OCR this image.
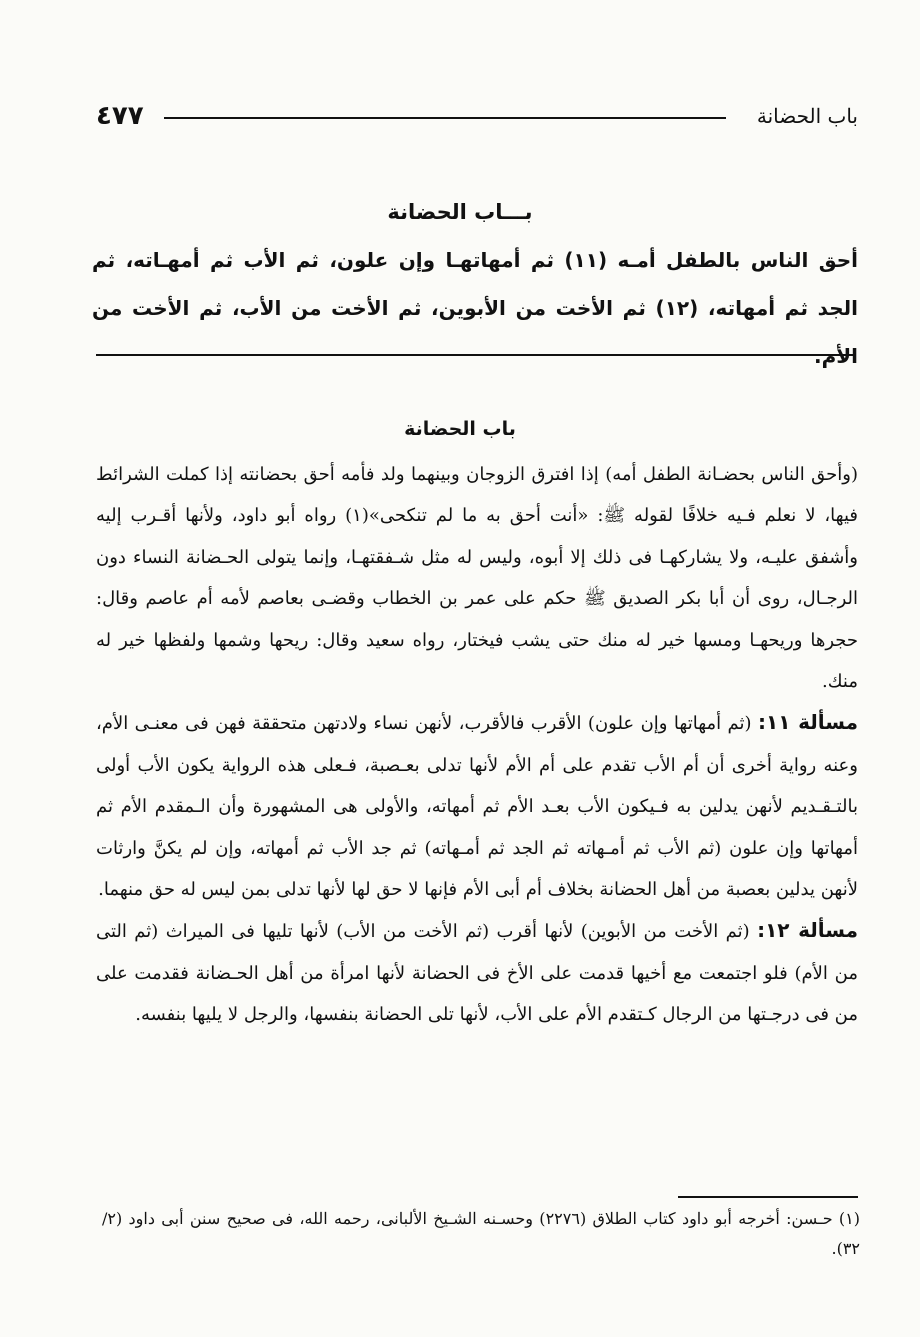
٤٧٧	باب الحضانة
بـــاب الحضانة
أحق الناس بالطفل أمـه (١١) ثم أمهاتهـا وإن علون، ثم الأب ثم أمهـاته، ثم الجد ثم أمهاته، (١٢) ثم الأخت من الأبوين، ثم الأخت من الأب، ثم الأخت من الأم.
باب الحضانة

(وأحق الناس بحضـانة الطفل أمه) إذا افترق الزوجان وبينهما ولد فأمه أحق بحضانته إذا كملت الشرائط فيها، لا نعلم فـيه خلافًا لقوله ﷺ: «أنت أحق به ما لم تنكحى»(١) رواه أبو داود، ولأنها أقـرب إليه وأشفق عليـه، ولا يشاركهـا فى ذلك إلا أبوه، وليس له مثل شـفقتهـا، وإنما يتولى الحـضانة النساء دون الرجـال، روى أن أبا بكر الصديق ﷺ حكم على عمر بن الخطاب وقضـى بعاصم لأمه أم عاصم وقال: حجرها وريحهـا ومسها خير له منك حتى يشب فيختار، رواه سعيد وقال: ريحها وشمها ولفظها خير له منك.

مسألة ١١: (ثم أمهاتها وإن علون) الأقرب فالأقرب، لأنهن نساء ولادتهن متحققة فهن فى معنـى الأم، وعنه رواية أخرى أن أم الأب تقدم على أم الأم لأنها تدلى بعـصبة، فـعلى هذه الرواية يكون الأب أولى بالتـقـديم لأنهن يدلين به فـيكون الأب بعـد الأم ثم أمهاته، والأولى هى المشهورة وأن الـمقدم الأم ثم أمهاتها وإن علون (ثم الأب ثم أمـهاته ثم الجد ثم أمـهاته) ثم جد الأب ثم أمهاته، وإن لم يكنَّ وارثات لأنهن يدلين بعصبة من أهل الحضانة بخلاف أم أبى الأم فإنها لا حق لها لأنها تدلى بمن ليس له حق منهما.

مسألة ١٢: (ثم الأخت من الأبوين) لأنها أقرب (ثم الأخت من الأب) لأنها تليها فى الميراث (ثم التى من الأم) فلو اجتمعت مع أخيها قدمت على الأخ فى الحضانة لأنها امرأة من أهل الحـضانة فقدمت على من فى درجـتها من الرجال كـتقدم الأم على الأب، لأنها تلى الحضانة بنفسها، والرجل لا يليها بنفسه.

(١) حـسن: أخرجه أبو داود كتاب الطلاق (٢٢٧٦) وحسـنه الشـيخ الألبانى، رحمه الله، فى صحيح سنن أبى داود (٢/ ٣٢).
